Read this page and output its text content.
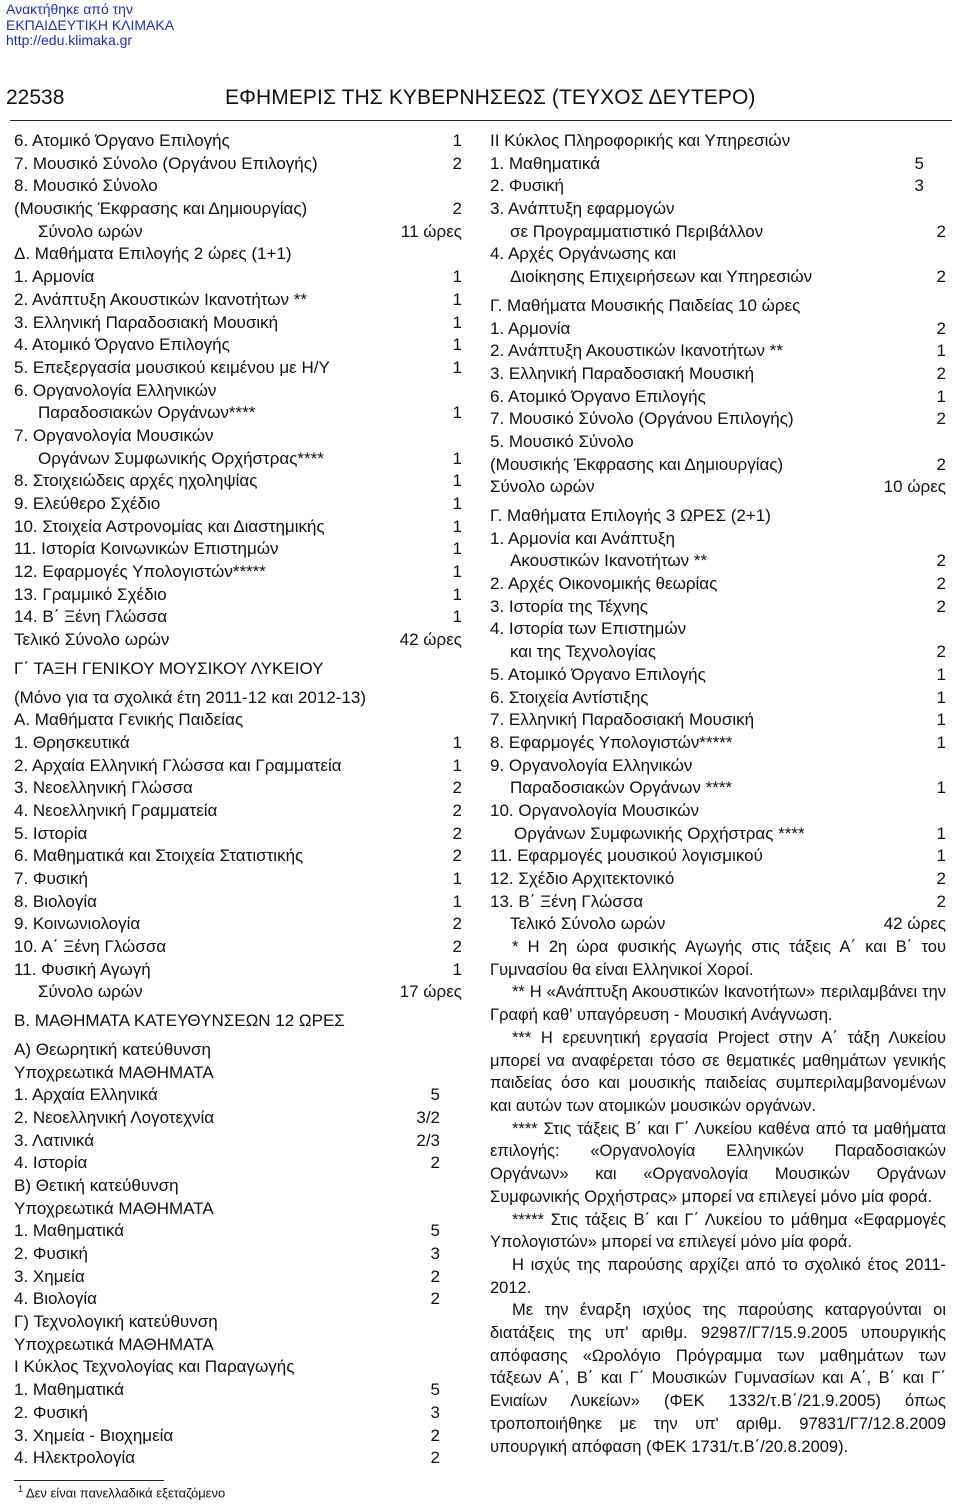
Ανακτήθηκε από την
ΕΚΠΑΙΔΕΥΤΙΚΗ ΚΛΙΜΑΚΑ
http://edu.klimaka.gr
22538	ΕΦΗΜΕΡΙΣ ΤΗΣ ΚΥΒΕΡΝΗΣΕΩΣ (ΤΕΥΧΟΣ ΔΕΥΤΕΡΟ)
6. Ατομικό Όργανο Επιλογής	1
7. Μουσικό Σύνολο (Οργάνου Επιλογής)	2
8. Μουσικό Σύνολο
(Μουσικής Έκφρασης και Δημιουργίας)	2
Σύνολο ωρών	11 ώρες
Δ. Μαθήματα Επιλογής 2 ώρες (1+1)
1. Αρμονία	1
2. Ανάπτυξη Ακουστικών Ικανοτήτων **	1
3. Ελληνική Παραδοσιακή Μουσική	1
4. Ατομικό Όργανο Επιλογής	1
5. Επεξεργασία μουσικού κειμένου με Η/Υ	1
6. Οργανολογία Ελληνικών
Παραδοσιακών Οργάνων****	1
7. Οργανολογία Μουσικών
Οργάνων Συμφωνικής Ορχήστρας****	1
8. Στοιχειώδεις αρχές ηχοληψίας	1
9. Ελεύθερο Σχέδιο	1
10. Στοιχεία Αστρονομίας και Διαστημικής	1
11. Ιστορία Κοινωνικών Επιστημών	1
12. Εφαρμογές Υπολογιστών*****	1
13. Γραμμικό Σχέδιο	1
14. Β΄ Ξένη Γλώσσα	1
Τελικό Σύνολο ωρών	42 ώρες
Γ΄ ΤΑΞΗ ΓΕΝΙΚΟΥ ΜΟΥΣΙΚΟΥ ΛΥΚΕΙΟΥ
(Μόνο για τα σχολικά έτη 2011-12 και 2012-13)
Α. Μαθήματα Γενικής Παιδείας
1. Θρησκευτικά	1
2. Αρχαία Ελληνική Γλώσσα και Γραμματεία	1
3. Νεοελληνική Γλώσσα	2
4. Νεοελληνική Γραμματεία	2
5. Ιστορία	2
6. Μαθηματικά και Στοιχεία Στατιστικής	2
7. Φυσική	1
8. Βιολογία	1
9. Κοινωνιολογία	2
10. Α΄ Ξένη Γλώσσα	2
11. Φυσική Αγωγή	1
Σύνολο ωρών	17 ώρες
Β. ΜΑΘΗΜΑΤΑ ΚΑΤΕΥΘΥΝΣΕΩΝ 12 ΩΡΕΣ
Α) Θεωρητική κατεύθυνση
Υποχρεωτικά ΜΑΘΗΜΑΤΑ
1. Αρχαία Ελληνικά	5
2. Νεοελληνική Λογοτεχνία	3/2
3. Λατινικά	2/3
4. Ιστορία	2
Β) Θετική κατεύθυνση
Υποχρεωτικά ΜΑΘΗΜΑΤΑ
1. Μαθηματικά	5
2. Φυσική	3
3. Χημεία	2
4. Βιολογία	2
Γ) Τεχνολογική κατεύθυνση
Υποχρεωτικά ΜΑΘΗΜΑΤΑ
Ι Κύκλος Τεχνολογίας και Παραγωγής
1. Μαθηματικά	5
2. Φυσική	3
3. Χημεία - Βιοχημεία	2
4. Ηλεκτρολογία	2
ΙΙ Κύκλος Πληροφορικής και Υπηρεσιών
1. Μαθηματικά	5
2. Φυσική	3
3. Ανάπτυξη εφαρμογών
σε Προγραμματιστικό Περιβάλλον	2
4. Αρχές Οργάνωσης και
Διοίκησης Επιχειρήσεων και Υπηρεσιών	2
Γ. Μαθήματα Μουσικής Παιδείας 10 ώρες
1. Αρμονία	2
2. Ανάπτυξη Ακουστικών Ικανοτήτων **	1
3. Ελληνική Παραδοσιακή Μουσική	2
6. Ατομικό Όργανο Επιλογής	1
7. Μουσικό Σύνολο (Οργάνου Επιλογής)	2
5. Μουσικό Σύνολο
(Μουσικής Έκφρασης και Δημιουργίας)	2
Σύνολο ωρών	10 ώρες
Γ. Μαθήματα Επιλογής 3 ΩΡΕΣ (2+1)
1. Αρμονία και Ανάπτυξη
Ακουστικών Ικανοτήτων **	2
2. Αρχές Οικονομικής θεωρίας	2
3. Ιστορία της Τέχνης	2
4. Ιστορία των Επιστημών
και της Τεχνολογίας	2
5. Ατομικό Όργανο Επιλογής	1
6. Στοιχεία Αντίστιξης	1
7. Ελληνική Παραδοσιακή Μουσική	1
8. Εφαρμογές Υπολογιστών*****	1
9. Οργανολογία Ελληνικών
Παραδοσιακών Οργάνων ****	1
10. Οργανολογία Μουσικών
Οργάνων Συμφωνικής Ορχήστρας ****	1
11. Εφαρμογές μουσικού λογισμικού	1
12. Σχέδιο Αρχιτεκτονικό	2
13. Β΄ Ξένη Γλώσσα	2
Τελικό Σύνολο ωρών	42 ώρες

* Η 2η ώρα φυσικής Αγωγής στις τάξεις Α΄ και Β΄ του Γυμνασίου θα είναι Ελληνικοί Χοροί.

** Η «Ανάπτυξη Ακουστικών Ικανοτήτων» περιλαμβάνει την Γραφή καθ' υπαγόρευση - Μουσική Ανάγνωση.

*** Η ερευνητική εργασία Project στην Α΄ τάξη Λυκείου μπορεί να αναφέρεται τόσο σε θεματικές μαθημάτων γενικής παιδείας όσο και μουσικής παιδείας συμπεριλαμβανομένων και αυτών των ατομικών μουσικών οργάνων.

**** Στις τάξεις Β΄ και Γ΄ Λυκείου καθένα από τα μαθήματα επιλογής: «Οργανολογία Ελληνικών Παραδοσιακών Οργάνων» και «Οργανολογία Μουσικών Οργάνων Συμφωνικής Ορχήστρας» μπορεί να επιλεγεί μόνο μία φορά.

***** Στις τάξεις Β΄ και Γ΄ Λυκείου το μάθημα «Εφαρμογές Υπολογιστών» μπορεί να επιλεγεί μόνο μία φορά.

Η ισχύς της παρούσης αρχίζει από το σχολικό έτος 2011-2012.

Με την έναρξη ισχύος της παρούσης καταργούνται οι διατάξεις της υπ' αριθμ. 92987/Γ7/15.9.2005 υπουργικής απόφασης «Ωρολόγιο Πρόγραμμα των μαθημάτων των τάξεων Α΄, Β΄ και Γ΄ Μουσικών Γυμνασίων και Α΄, Β΄ και Γ΄ Ενιαίων Λυκείων» (ΦΕΚ 1332/τ.Β΄/21.9.2005) όπως τροποποιήθηκε με την υπ' αριθμ. 97831/Γ7/12.8.2009 υπουργική απόφαση (ΦΕΚ 1731/τ.Β΄/20.8.2009).

$^1$ Δεν είναι πανελλαδικά εξεταζόμενο
